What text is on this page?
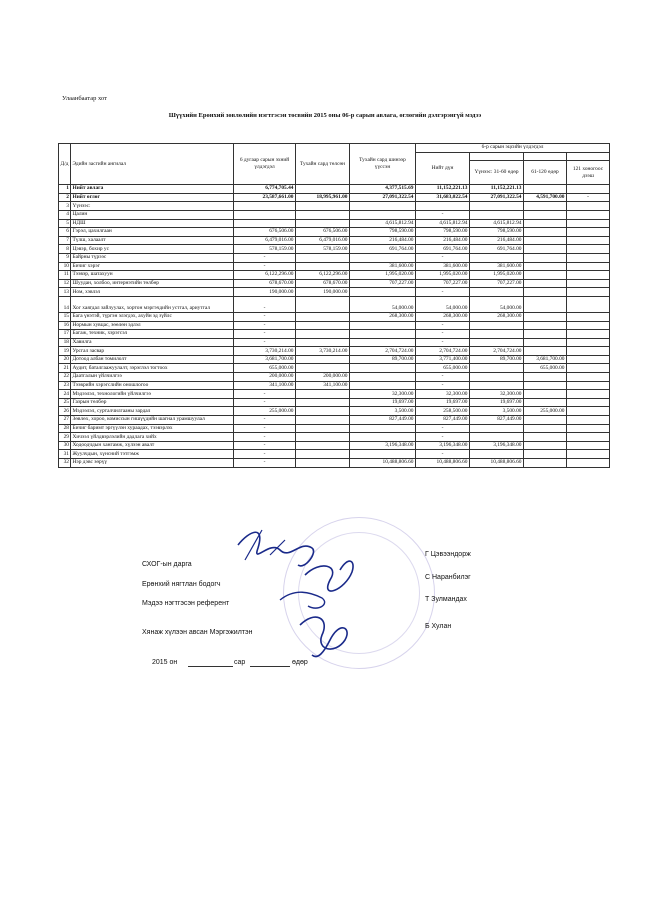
Улаанбаатар хот
Шүүхийн Ерөнхий зөвлөлийн нэгтгэсэн төсвийн 2015 оны 06-р сарын авлага, өглөгийн дэлгэрэнгүй мэдээ
Д/д	Эдийн засгийн ангилал	6 дугаар сарын эхний үлдэгдэл	Тухайн сард төлсөн	Тухайн сард шинээр үүссэн	6-р сарын эцсийн үлдэгдэл			
					Нийт дүн			
						Үүнээс: 31-60 өдөр	61-120 өдөр	121 хоногоос дээш
1	Нийт авлага	6,774,705.44		4,377,515.69	11,152,221.13	11,152,221.13		
2	Нийт өглөг	23,587,661.00	18,995,961.00	27,091,322.54	31,683,022.54	27,091,322.54	4,591,700.00	-
3	Үүнээс:							
4	Цалин				-			
5	НДШ			4,615,812.94	4,615,812.94	4,615,812.94		
6	Гэрэл, цахилгаан	676,506.00	676,506.00	798,590.00	798,590.00	798,590.00		
7	Түлш, халаалт	6,479,016.00	6,479,016.00	216,484.00	216,484.00	216,484.00		
8	Цэвэр, бохир ус	578,159.00	578,159.00	691,764.00	691,764.00	691,764.00		
9	Байрны түрээс	-			-			
10	Бичиг хэрэг	-		381,600.00	381,600.00	381,600.00		
11	Тээвэр, шатахуун	6,122,296.00	6,122,296.00	1,995,020.00	1,995,020.00	1,995,020.00		
12	Шуудан, холбоо, интернэтийн төлбөр	678,670.00	678,670.00	707,227.00	707,227.00	707,227.00		
13	Ном, хэвлэл	190,000.00	190,000.00		-			
14	Хог хаягдал зайлуулах, хортон мэргэчдийн устгал, ариутгал	-		54,000.00	54,000.00	54,000.00		
15	Бага үнэтэй, түргэн элэгдэх, ахуйн эд зүйлс	-		268,300.00	268,300.00	268,300.00		
16	Нормын хувцас, зөөлөн эдлэл	-			-			
17	Багаж, техник, хэрэгсэл	-			-			
18	Хавилга	-			-			
19	Урсгал засвар	3,730,214.00	3,730,214.00	2,704,724.00	2,704,724.00	2,704,724.00		
20	Дотоод албан томилолт	3,681,700.00		89,700.00	3,771,400.00	89,700.00	3,681,700.00	
21	Аудит, баталгаажуулалт, зэрэглэл тогтоох	655,000.00			655,000.00		655,000.00	
22	Даатгалын үйлчилгээ	200,000.00	200,000.00		-			
23	Тээврийн хэрэгслийн оношлогоо	341,100.00	341,100.00		-			
24	Мэдээлэл, технологийн үйлчилгээ	-		32,300.00	32,300.00	32,300.00		
25	Газрын төлбөр	-		19,697.00	19,697.00	19,697.00		
26	Мэдээлэл, сурталчилгааны зардал	255,000.00		3,500.00	258,500.00	3,500.00	255,000.00	
27	Зөвлөх, хороо, комиссын гишүүдийн шагнал урамшуулал	-		827,449.00	827,449.00	827,449.00		
28	Бичиг баримт эргүүлэн хураадах, тээвэрлэх	-			-			
29	Хичээл үйлдвэрлэлийн дадлага хийх	-			-			
30	Ходоодчдын хангамж, хүлээн авалт	-		3,196,348.00	3,196,348.00	3,196,348.00		
31	Жуулчдын, хүнсний тэтгэмж	-			-			
32	Нэр дэвс зөрүү	-		10,488,806.60	10,488,806.60	10,488,806.60		
СХОГ-ын дарга
Г Цэвээндорж
Ерөнхий нягтлан бодогч
С Наранбилэг
Мэдээ нэгтгэсэн референт
Т Зулмандах
Хянаж хүлээн авсан Мэргэжилтэн
Б Хулан
2015 он	сар	өдөр
